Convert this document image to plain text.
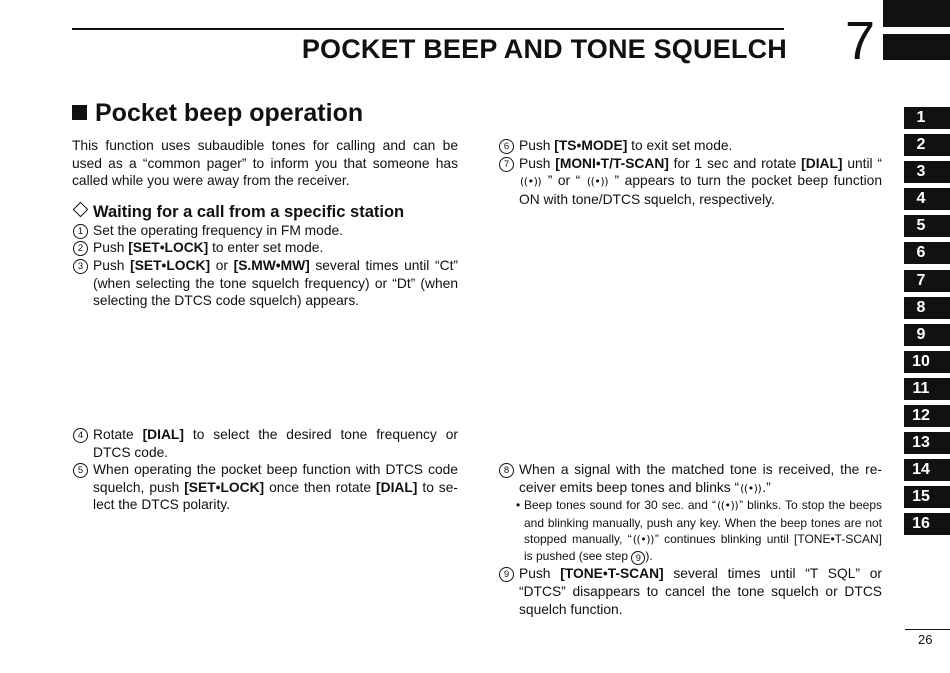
POCKET BEEP AND TONE SQUELCH 7
1
2
3
4
5
6
7
8
9
10
11
12
13
14
15
16
Pocket beep operation

This function uses subaudible tones for calling and can be used as a “common pager” to inform you that someone has called while you were away from the receiver.

Waiting for a call from a specific station
1 Set the operating frequency in FM mode.
2 Push [SET•LOCK] to enter set mode.
3 Push [SET•LOCK] or [S.MW•MW] several times until “Ct” (when selecting the tone squelch frequency) or “Dt” (when selecting the DTCS code squelch) appears.
4 Rotate [DIAL] to select the desired tone frequency or DTCS code.
5 When operating the pocket beep function with DTCS code squelch, push [SET•LOCK] once then rotate [DIAL] to select the DTCS polarity.
6 Push [TS•MODE] to exit set mode.
7 Push [MONI•T/T-SCAN] for 1 sec and rotate [DIAL] until “((•)) ” or “ ((•)) ” appears to turn the pocket beep function ON with tone/DTCS squelch, respectively.
8 When a signal with the matched tone is received, the receiver emits beep tones and blinks “((•)).”
• Beep tones sound for 30 sec. and “((•))” blinks. To stop the beeps and blinking manually, push any key. When the beep tones are not stopped manually, “((•))” continues blinking until [TONE•T-SCAN] is pushed (see step 9 ).
9 Push [TONE•T-SCAN] several times until “T SQL” or “DTCS” disappears to cancel the tone squelch or DTCS squelch function.
26
